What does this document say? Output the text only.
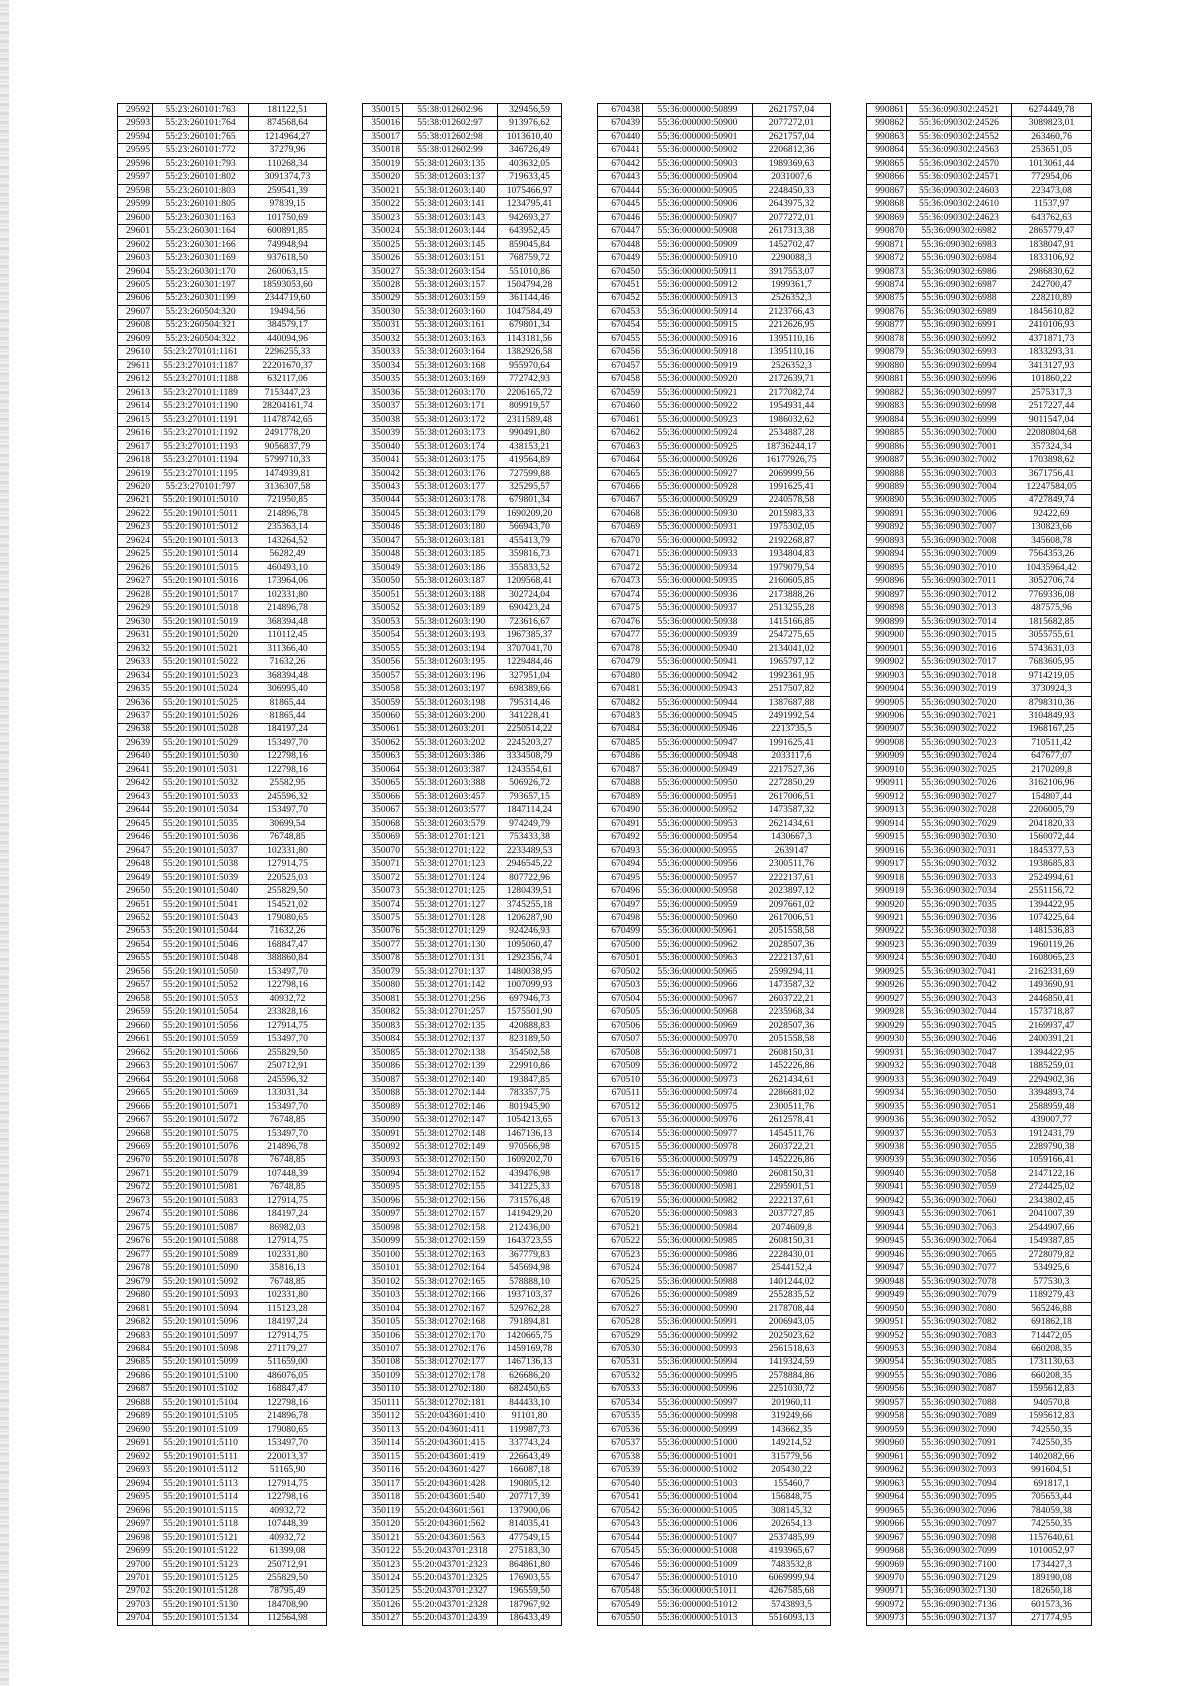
29592	55:23:260101:763	181122,51
29593	55:23:260101:764	874568,64
29594	55:23:260101:765	1214964,27
29595	55:23:260101:772	37279,96
29596	55:23:260101:793	110268,34
29597	55:23:260101:802	3091374,73
29598	55:23:260101:803	259541,39
29599	55:23:260101:805	97839,15
29600	55:23:260301:163	101750,69
29601	55:23:260301:164	600891,85
29602	55:23:260301:166	749948,94
29603	55:23:260301:169	937618,50
29604	55:23:260301:170	260063,15
29605	55:23:260301:197	18593053,60
29606	55:23:260301:199	2344719,60
29607	55:23:260504:320	19494,56
29608	55:23:260504:321	384579,17
29609	55:23:260504:322	440094,96
29610	55:23:270101:1161	2296255,33
29611	55:23:270101:1187	22201670,37
29612	55:23:270101:1188	632117,06
29613	55:23:270101:1189	7153447,23
29614	55:23:270101:1190	28204161,74
29615	55:23:270101:1191	11478742,65
29616	55:23:270101:1192	2491778,20
29617	55:23:270101:1193	9056837,79
29618	55:23:270101:1194	5799710,33
29619	55:23:270101:1195	1474939,81
29620	55:23:270101:797	3136307,58
29621	55:20:190101:5010	721950,85
29622	55:20:190101:5011	214896,78
29623	55:20:190101:5012	235363,14
29624	55:20:190101:5013	143264,52
29625	55:20:190101:5014	56282,49
29626	55:20:190101:5015	460493,10
29627	55:20:190101:5016	173964,06
29628	55:20:190101:5017	102331,80
29629	55:20:190101:5018	214896,78
29630	55:20:190101:5019	368394,48
29631	55:20:190101:5020	110112,45
29632	55:20:190101:5021	311366,40
29633	55:20:190101:5022	71632,26
29634	55:20:190101:5023	368394,48
29635	55:20:190101:5024	306995,40
29636	55:20:190101:5025	81865,44
29637	55:20:190101:5026	81865,44
29638	55:20:190101:5028	184197,24
29639	55:20:190101:5029	153497,70
29640	55:20:190101:5030	122798,16
29641	55:20:190101:5031	122798,16
29642	55:20:190101:5032	25582,95
29643	55:20:190101:5033	245596,32
29644	55:20:190101:5034	153497,70
29645	55:20:190101:5035	30699,54
29646	55:20:190101:5036	76748,85
29647	55:20:190101:5037	102331,80
29648	55:20:190101:5038	127914,75
29649	55:20:190101:5039	220525,03
29650	55:20:190101:5040	255829,50
29651	55:20:190101:5041	154521,02
29652	55:20:190101:5043	179080,65
29653	55:20:190101:5044	71632,26
29654	55:20:190101:5046	168847,47
29655	55:20:190101:5048	388860,84
29656	55:20:190101:5050	153497,70
29657	55:20:190101:5052	122798,16
29658	55:20:190101:5053	40932,72
29659	55:20:190101:5054	233828,16
29660	55:20:190101:5056	127914,75
29661	55:20:190101:5059	153497,70
29662	55:20:190101:5066	255829,50
29663	55:20:190101:5067	250712,91
29664	55:20:190101:5068	245596,32
29665	55:20:190101:5069	133031,34
29666	55:20:190101:5071	153497,70
29667	55:20:190101:5072	76748,85
29668	55:20:190101:5075	153497,70
29669	55:20:190101:5076	214896,78
29670	55:20:190101:5078	76748,85
29671	55:20:190101:5079	107448,39
29672	55:20:190101:5081	76748,85
29673	55:20:190101:5083	127914,75
29674	55:20:190101:5086	184197,24
29675	55:20:190101:5087	86982,03
29676	55:20:190101:5088	127914,75
29677	55:20:190101:5089	102331,80
29678	55:20:190101:5090	35816,13
29679	55:20:190101:5092	76748,85
29680	55:20:190101:5093	102331,80
29681	55:20:190101:5094	115123,28
29682	55:20:190101:5096	184197,24
29683	55:20:190101:5097	127914,75
29684	55:20:190101:5098	271179,27
29685	55:20:190101:5099	511659,00
29686	55:20:190101:5100	486076,05
29687	55:20:190101:5102	168847,47
29688	55:20:190101:5104	122798,16
29689	55:20:190101:5105	214896,78
29690	55:20:190101:5109	179080,65
29691	55:20:190101:5110	153497,70
29692	55:20:190101:5111	220013,37
29693	55:20:190101:5112	51165,90
29694	55:20:190101:5113	127914,75
29695	55:20:190101:5114	122798,16
29696	55:20:190101:5115	40932,72
29697	55:20:190101:5118	107448,39
29698	55:20:190101:5121	40932,72
29699	55:20:190101:5122	61399,08
29700	55:20:190101:5123	250712,91
29701	55:20:190101:5125	255829,50
29702	55:20:190101:5128	78795,49
29703	55:20:190101:5130	184708,90
29704	55:20:190101:5134	112564,98
350015	55:38:012602:96	329456,59
350016	55:38:012602:97	913976,62
350017	55:38:012602:98	1013610,40
350018	55:38:012602:99	346726,49
350019	55:38:012603:135	403632,05
350020	55:38:012603:137	719633,45
350021	55:38:012603:140	1075466,97
350022	55:38:012603:141	1234795,41
350023	55:38:012603:143	942693,27
350024	55:38:012603:144	643952,45
350025	55:38:012603:145	859045,84
350026	55:38:012603:151	768759,72
350027	55:38:012603:154	551010,86
350028	55:38:012603:157	1504794,28
350029	55:38:012603:159	361144,46
350030	55:38:012603:160	1047584,49
350031	55:38:012603:161	679801,34
350032	55:38:012603:163	1143181,56
350033	55:38:012603:164	1382926,58
350034	55:38:012603:168	955970,64
350035	55:38:012603:169	772742,93
350036	55:38:012603:170	2206165,72
350037	55:38:012603:171	809919,57
350038	55:38:012603:172	2311589,48
350039	55:38:012603:173	990491,80
350040	55:38:012603:174	438153,21
350041	55:38:012603:175	419564,89
350042	55:38:012603:176	727599,88
350043	55:38:012603:177	325295,57
350044	55:38:012603:178	679801,34
350045	55:38:012603:179	1690209,20
350046	55:38:012603:180	566943,70
350047	55:38:012603:181	455413,79
350048	55:38:012603:185	359816,73
350049	55:38:012603:186	355833,52
350050	55:38:012603:187	1209568,41
350051	55:38:012603:188	302724,04
350052	55:38:012603:189	690423,24
350053	55:38:012603:190	723616,67
350054	55:38:012603:193	1967385,37
350055	55:38:012603:194	3707041,70
350056	55:38:012603:195	1229484,46
350057	55:38:012603:196	327951,04
350058	55:38:012603:197	698389,66
350059	55:38:012603:198	795314,46
350060	55:38:012603:200	341228,41
350061	55:38:012603:201	2250514,22
350062	55:38:012603:202	2245203,27
350063	55:38:012603:386	3334508,79
350064	55:38:012603:387	1243554,61
350065	55:38:012603:388	506926,72
350066	55:38:012603:457	793657,15
350067	55:38:012603:577	1847114,24
350068	55:38:012603:579	974249,79
350069	55:38:012701:121	753433,38
350070	55:38:012701:122	2233489,53
350071	55:38:012701:123	2946545,22
350072	55:38:012701:124	807722,96
350073	55:38:012701:125	1280439,51
350074	55:38:012701:127	3745255,18
350075	55:38:012701:128	1206287,90
350076	55:38:012701:129	924246,93
350077	55:38:012701:130	1095060,47
350078	55:38:012701:131	1292356,74
350079	55:38:012701:137	1480038,95
350080	55:38:012701:142	1007099,93
350081	55:38:012701:256	697946,73
350082	55:38:012701:257	1575501,90
350083	55:38:012702:135	420888,83
350084	55:38:012702:137	823189,50
350085	55:38:012702:138	354502,58
350086	55:38:012702:139	229910,86
350087	55:38:012702:140	193847,85
350088	55:38:012702:144	783357,75
350089	55:38:012702:146	801945,90
350090	55:38:012702:147	1054213,65
350091	55:38:012702:148	1467136,13
350092	55:38:012702:149	970566,98
350093	55:38:012702:150	1609202,70
350094	55:38:012702:152	439476,98
350095	55:38:012702:155	341225,33
350096	55:38:012702:156	731576,48
350097	55:38:012702:157	1419429,20
350098	55:38:012702:158	212436,00
350099	55:38:012702:159	1643723,55
350100	55:38:012702:163	367779,83
350101	55:38:012702:164	545694,98
350102	55:38:012702:165	578888,10
350103	55:38:012702:166	1937103,37
350104	55:38:012702:167	529762,28
350105	55:38:012702:168	791894,81
350106	55:38:012702:170	1420665,75
350107	55:38:012702:176	1459169,78
350108	55:38:012702:177	1467136,13
350109	55:38:012702:178	626686,20
350110	55:38:012702:180	682450,65
350111	55:38:012702:181	844433,10
350112	55:20:043601:410	91101,80
350113	55:20:043601:411	119987,73
350114	55:20:043601:415	337743,24
350115	55:20:043601:419	226643,49
350116	55:20:043601:427	166087,18
350117	55:20:043601:428	190805,12
350118	55:20:043601:540	207717,39
350119	55:20:043601:561	137900,06
350120	55:20:043601:562	814035,41
350121	55:20:043601:563	477549,15
350122	55:20:043701:2318	275183,30
350123	55:20:043701:2323	864861,80
350124	55:20:043701:2325	176903,55
350125	55:20:043701:2327	196559,50
350126	55:20:043701:2328	187967,92
350127	55:20:043701:2439	186433,49
670438	55:36:000000:50899	2621757,04
670439	55:36:000000:50900	2077272,01
670440	55:36:000000:50901	2621757,04
670441	55:36:000000:50902	2206812,36
670442	55:36:000000:50903	1989369,63
670443	55:36:000000:50904	2031007,6
670444	55:36:000000:50905	2248450,33
670445	55:36:000000:50906	2643975,32
670446	55:36:000000:50907	2077272,01
670447	55:36:000000:50908	2617313,38
670448	55:36:000000:50909	1452702,47
670449	55:36:000000:50910	2290088,3
670450	55:36:000000:50911	3917553,07
670451	55:36:000000:50912	1999361,7
670452	55:36:000000:50913	2526352,3
670453	55:36:000000:50914	2123766,43
670454	55:36:000000:50915	2212626,95
670455	55:36:000000:50916	1395110,16
670456	55:36:000000:50918	1395110,16
670457	55:36:000000:50919	2526352,3
670458	55:36:000000:50920	2172639,71
670459	55:36:000000:50921	2177082,74
670460	55:36:000000:50922	1954931,44
670461	55:36:000000:50923	1986032,62
670462	55:36:000000:50924	2534887,28
670463	55:36:000000:50925	18736244,17
670464	55:36:000000:50926	16177926,75
670465	55:36:000000:50927	2069999,56
670466	55:36:000000:50928	1991625,41
670467	55:36:000000:50929	2240578,58
670468	55:36:000000:50930	2015983,33
670469	55:36:000000:50931	1975302,05
670470	55:36:000000:50932	2192268,87
670471	55:36:000000:50933	1934804,83
670472	55:36:000000:50934	1979079,54
670473	55:36:000000:50935	2160605,85
670474	55:36:000000:50936	2173888,26
670475	55:36:000000:50937	2513255,28
670476	55:36:000000:50938	1415166,85
670477	55:36:000000:50939	2547275,65
670478	55:36:000000:50940	2134041,02
670479	55:36:000000:50941	1965797,12
670480	55:36:000000:50942	1992361,95
670481	55:36:000000:50943	2517507,82
670482	55:36:000000:50944	1387687,88
670483	55:36:000000:50945	2491992,54
670484	55:36:000000:50946	2213735,5
670485	55:36:000000:50947	1991625,41
670486	55:36:000000:50948	2033117,6
670487	55:36:000000:50949	2217527,36
670488	55:36:000000:50950	2272850,29
670489	55:36:000000:50951	2617006,51
670490	55:36:000000:50952	1473587,32
670491	55:36:000000:50953	2621434,61
670492	55:36:000000:50954	1430667,3
670493	55:36:000000:50955	2639147
670494	55:36:000000:50956	2300511,76
670495	55:36:000000:50957	2222137,61
670496	55:36:000000:50958	2023897,12
670497	55:36:000000:50959	2097661,02
670498	55:36:000000:50960	2617006,51
670499	55:36:000000:50961	2051558,58
670500	55:36:000000:50962	2028507,36
670501	55:36:000000:50963	2222137,61
670502	55:36:000000:50965	2599294,11
670503	55:36:000000:50966	1473587,32
670504	55:36:000000:50967	2603722,21
670505	55:36:000000:50968	2235968,34
670506	55:36:000000:50969	2028507,36
670507	55:36:000000:50970	2051558,58
670508	55:36:000000:50971	2608150,31
670509	55:36:000000:50972	1452226,86
670510	55:36:000000:50973	2621434,61
670511	55:36:000000:50974	2286681,02
670512	55:36:000000:50975	2300511,76
670513	55:36:000000:50976	2612578,41
670514	55:36:000000:50977	1454511,76
670515	55:36:000000:50978	2603722,21
670516	55:36:000000:50979	1452226,86
670517	55:36:000000:50980	2608150,31
670518	55:36:000000:50981	2295901,51
670519	55:36:000000:50982	2222137,61
670520	55:36:000000:50983	2037727,85
670521	55:36:000000:50984	2074609,8
670522	55:36:000000:50985	2608150,31
670523	55:36:000000:50986	2228430,01
670524	55:36:000000:50987	2544152,4
670525	55:36:000000:50988	1401244,02
670526	55:36:000000:50989	2552835,52
670527	55:36:000000:50990	2178708,44
670528	55:36:000000:50991	2006943,05
670529	55:36:000000:50992	2025023,62
670530	55:36:000000:50993	2561518,63
670531	55:36:000000:50994	1419324,59
670532	55:36:000000:50995	2578884,86
670533	55:36:000000:50996	2251030,72
670534	55:36:000000:50997	201960,11
670535	55:36:000000:50998	319249,66
670536	55:36:000000:50999	143662,35
670537	55:36:000000:51000	149214,52
670538	55:36:000000:51001	315779,56
670539	55:36:000000:51002	205430,22
670540	55:36:000000:51003	155460,7
670541	55:36:000000:51004	156848,75
670542	55:36:000000:51005	308145,32
670543	55:36:000000:51006	202654,13
670544	55:36:000000:51007	2537485,99
670545	55:36:000000:51008	4193965,67
670546	55:36:000000:51009	7483532,8
670547	55:36:000000:51010	6069999,94
670548	55:36:000000:51011	4267585,68
670549	55:36:000000:51012	5743893,5
670550	55:36:000000:51013	5516093,13
990861	55:36:090302:24521	6274449,78
990862	55:36:090302:24526	3089823,01
990863	55:36:090302:24552	263460,76
990864	55:36:090302:24563	253651,05
990865	55:36:090302:24570	1013061,44
990866	55:36:090302:24571	772954,06
990867	55:36:090302:24603	223473,08
990868	55:36:090302:24610	11537,97
990869	55:36:090302:24623	643762,63
990870	55:36:090302:6982	2865779,47
990871	55:36:090302:6983	1838047,91
990872	55:36:090302:6984	1833106,92
990873	55:36:090302:6986	2986830,62
990874	55:36:090302:6987	242700,47
990875	55:36:090302:6988	228210,89
990876	55:36:090302:6989	1845610,82
990877	55:36:090302:6991	2410106,93
990878	55:36:090302:6992	4371871,73
990879	55:36:090302:6993	1833293,31
990880	55:36:090302:6994	3413127,93
990881	55:36:090302:6996	101860,22
990882	55:36:090302:6997	2575317,3
990883	55:36:090302:6998	2517227,44
990884	55:36:090302:6999	9011547,04
990885	55:36:090302:7000	22080804,68
990886	55:36:090302:7001	357324,34
990887	55:36:090302:7002	1703898,62
990888	55:36:090302:7003	3671756,41
990889	55:36:090302:7004	12247584,05
990890	55:36:090302:7005	4727849,74
990891	55:36:090302:7006	92422,69
990892	55:36:090302:7007	130823,66
990893	55:36:090302:7008	345608,78
990894	55:36:090302:7009	7564353,26
990895	55:36:090302:7010	10435964,42
990896	55:36:090302:7011	3052706,74
990897	55:36:090302:7012	7769336,08
990898	55:36:090302:7013	487575,96
990899	55:36:090302:7014	1815682,85
990900	55:36:090302:7015	3055755,61
990901	55:36:090302:7016	5743631,03
990902	55:36:090302:7017	7683605,95
990903	55:36:090302:7018	9714219,05
990904	55:36:090302:7019	3730924,3
990905	55:36:090302:7020	8798310,36
990906	55:36:090302:7021	3104849,93
990907	55:36:090302:7022	1968167,25
990908	55:36:090302:7023	710511,42
990909	55:36:090302:7024	647677,07
990910	55:36:090302:7025	2170209,8
990911	55:36:090302:7026	3162106,96
990912	55:36:090302:7027	154807,44
990913	55:36:090302:7028	2206005,79
990914	55:36:090302:7029	2041820,33
990915	55:36:090302:7030	1560072,44
990916	55:36:090302:7031	1845377,53
990917	55:36:090302:7032	1938685,83
990918	55:36:090302:7033	2524994,61
990919	55:36:090302:7034	2551156,72
990920	55:36:090302:7035	1394422,95
990921	55:36:090302:7036	1074225,64
990922	55:36:090302:7038	1481536,83
990923	55:36:090302:7039	1960119,26
990924	55:36:090302:7040	1608065,23
990925	55:36:090302:7041	2162331,69
990926	55:36:090302:7042	1493690,91
990927	55:36:090302:7043	2446850,41
990928	55:36:090302:7044	1573718,87
990929	55:36:090302:7045	2169937,47
990930	55:36:090302:7046	2400391,21
990931	55:36:090302:7047	1394422,95
990932	55:36:090302:7048	1885259,01
990933	55:36:090302:7049	2294902,36
990934	55:36:090302:7050	3394893,74
990935	55:36:090302:7051	2588959,48
990936	55:36:090302:7052	439007,77
990937	55:36:090302:7053	1912431,79
990938	55:36:090302:7055	2289790,38
990939	55:36:090302:7056	1059166,41
990940	55:36:090302:7058	2147122,16
990941	55:36:090302:7059	2724425,02
990942	55:36:090302:7060	2343802,45
990943	55:36:090302:7061	2041007,39
990944	55:36:090302:7063	2544907,66
990945	55:36:090302:7064	1549387,85
990946	55:36:090302:7065	2728079,82
990947	55:36:090302:7077	534925,6
990948	55:36:090302:7078	577530,3
990949	55:36:090302:7079	1189279,43
990950	55:36:090302:7080	565246,88
990951	55:36:090302:7082	691862,18
990952	55:36:090302:7083	714472,05
990953	55:36:090302:7084	660208,35
990954	55:36:090302:7085	1731130,63
990955	55:36:090302:7086	660208,35
990956	55:36:090302:7087	1595612,83
990957	55:36:090302:7088	940570,8
990958	55:36:090302:7089	1595612,83
990959	55:36:090302:7090	742550,35
990960	55:36:090302:7091	742550,35
990961	55:36:090302:7092	1402082,66
990962	55:36:090302:7093	991604,51
990963	55:36:090302:7094	691817,1
990964	55:36:090302:7095	705653,44
990965	55:36:090302:7096	784059,38
990966	55:36:090302:7097	742550,35
990967	55:36:090302:7098	1157640,61
990968	55:36:090302:7099	1010052,97
990969	55:36:090302:7100	1734427,3
990970	55:36:090302:7129	189190,08
990971	55:36:090302:7130	182650,18
990972	55:36:090302:7136	601573,36
990973	55:36:090302:7137	271774,95
